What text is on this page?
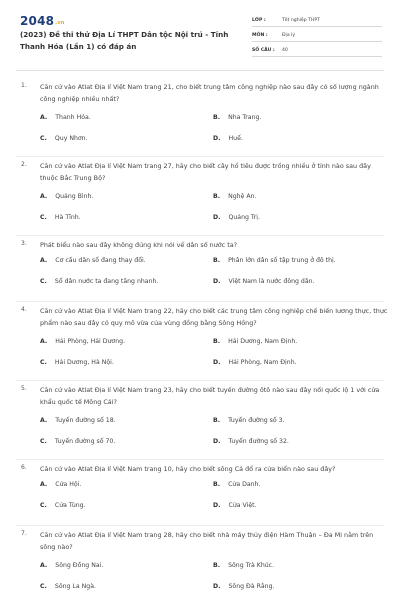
2048.vn
(2023) Đề thi thử Địa Lí THPT Dân tộc Nội trú - Tỉnh Thanh Hóa (Lần 1) có đáp án
LỚP :	Tốt nghiệp THPT
MÔN :	Địa lý
SỐ CÂU :	40
1. Căn cứ vào Atlat Địa lí Việt Nam trang 21, cho biết trung tâm công nghiệp nào sau đây có số lượng ngành công nghiệp nhiều nhất?
A. Thanh Hóa.	B. Nha Trang.
C. Quy Nhơn.	D. Huế.
2. Căn cứ vào Atlat Địa lí Việt Nam trang 27, hãy cho biết cây hồ tiêu được trồng nhiều ở tỉnh nào sau đây thuộc Bắc Trung Bộ?
A. Quảng Bình.	B. Nghệ An.
C. Hà Tĩnh.	D. Quảng Trị.
3. Phát biểu nào sau đây không đúng khi nói về dân số nước ta?
A. Cơ cấu dân số đang thay đổi.	B. Phân lớn dân số tập trung ở đô thị.
C. Số dân nước ta đang tăng nhanh.	D. Việt Nam là nước đông dân.
4. Căn cứ vào Atlat Địa lí Việt Nam trang 22, hãy cho biết các trung tâm công nghiệp chế biến lương thực, thực phẩm nào sau đây có quy mô vừa của vùng đồng bằng Sông Hồng?
A. Hải Phòng, Hải Dương.	B. Hải Dương, Nam Định.
C. Hải Dương, Hà Nội.	D. Hải Phòng, Nam Định.
5. Căn cứ vào Atlat Địa lí Việt Nam trang 23, hãy cho biết tuyến đường ôtô nào sau đây nối quốc lộ 1 với cửa khẩu quốc tế Mông Cái?
A. Tuyến đường số 18.	B. Tuyến đường số 3.
C. Tuyến đường số 70.	D. Tuyến đường số 32.
6. Căn cứ vào Atlat Địa lí Việt Nam trang 10, hãy cho biết sông Cả đổ ra cửa biển nào sau đây?
A. Cửa Hội.	B. Cửa Danh.
C. Cửa Tùng.	D. Cửa Việt.
7. Căn cứ vào Atlat Địa lí Việt Nam trang 28, hãy cho biết nhà máy thủy điện Hàm Thuận – Đa Mi nằm trên sông nào?
A. Sông Đồng Nai.	B. Sông Trà Khúc.
C. Sông La Ngà.	D. Sông Đà Rằng.
